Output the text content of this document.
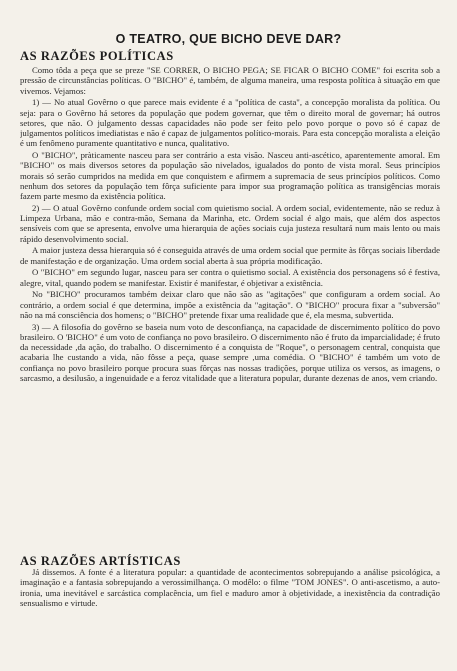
O TEATRO, QUE BICHO DEVE DAR?
AS RAZÕES POLÍTICAS

Como tôda a peça que se preze "SE CORRER, O BICHO PEGA; SE FICAR O BICHO COME" foi escrita sob a pressão de circunstâncias políticas. O "BICHO" é, também, de alguma maneira, uma resposta política à situação em que vivemos. Vejamos:

1) — No atual Govêrno o que parece mais evidente é a "política de casta", a concepção moralista da política. Ou seja: para o Govêrno há setores da população que podem governar, que têm o direito moral de governar; há outros setores, que não. O julgamento dessas capacidades não pode ser feito pelo povo porque o povo só é capaz de julgamentos políticos imediatistas e não é capaz de julgamentos político-morais. Para esta concepção moralista a eleição é um fenômeno puramente quantitativo e nunca, qualitativo.

O "BICHO", pràticamente nasceu para ser contrário a esta visão. Nasceu anti-ascético, aparentemente amoral. Em "BICHO" os mais diversos setores da população são nivelados, igualados do ponto de vista moral. Seus princípios morais só serão cumpridos na medida em que conquistem e afirmem a supremacia de seus princípios políticos. Como nenhum dos setores da população tem fôrça suficiente para impor sua programação política as transigências morais fazem parte mesmo da existência política.

2) — O atual Govêrno confunde ordem social com quietismo social. A ordem social, evidentemente, não se reduz à Limpeza Urbana, mão e contra-mão, Semana da Marinha, etc. Ordem social é algo mais, que além dos aspectos sensíveis com que se apresenta, envolve uma hierarquia de ações sociais cuja justeza resultará num mais lento ou mais rápido desenvolvimento social.

A maior justeza dessa hierarquia só é conseguida através de uma ordem social que permite às fôrças sociais liberdade de manifestação e de organização. Uma ordem social aberta à sua própria modificação.

O "BICHO" em segundo lugar, nasceu para ser contra o quietismo social. A existência dos personagens só é festiva, alegre, vital, quando podem se manifestar. Existir é manifestar, é objetivar a existência.

No "BICHO" procuramos também deixar claro que não são as "agitações" que configuram a ordem social. Ao contrário, a ordem social é que determina, impõe a existência da "agitação". O "BICHO" procura fixar a "subversão" não na má consciência dos homens; o "BICHO" pretende fixar uma realidade que é, ela mesma, subvertida.

3) — A filosofia do govêrno se baseia num voto de desconfiança, na capacidade de discernimento político do povo brasileiro. O 'BICHO" é um voto de confiança no povo brasileiro. O discernimento não é fruto da imparcialidade; é fruto da necessidade ,da ação, do trabalho. O discernimento é a conquista de "Roque", o personagem central, conquista que acabaria lhe custando a vida, não fôsse a peça, quase sempre ,uma comédia. O "BICHO" é também um voto de confiança no povo brasileiro porque procura suas fôrças nas nossas tradições, porque utiliza os versos, as imagens, o sarcasmo, a desilusão, a ingenuidade e a feroz vitalidade que a literatura popular, durante dezenas de anos, vem criando.

AS RAZÕES ARTÍSTICAS

Já dissemos. A fonte é a literatura popular: a quantidade de acontecimentos sobrepujando a análise psicológica, a imaginação e a fantasia sobrepujando a verossimilhança. O modêlo: o filme "TOM JONES". O anti-ascetismo, a auto-ironia, uma inevitável e sarcástica complacência, um fiel e maduro amor à objetividade, a inexistência da contradição sensualismo e virtude.
